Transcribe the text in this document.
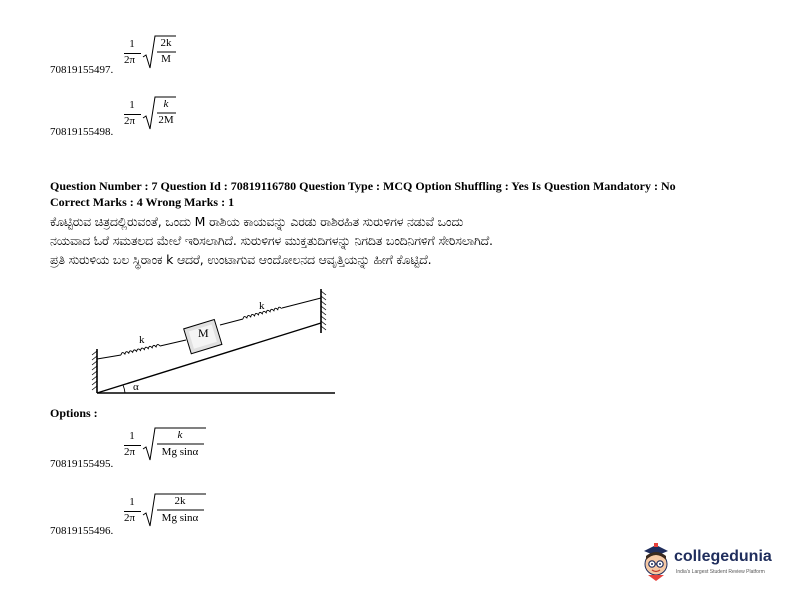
1
2π
2k
M
70819155497.
1
2π
k
2M
70819155498.
Question Number : 7 Question Id : 70819116780 Question Type : MCQ Option Shuffling : Yes Is Question Mandatory : No
Correct Marks : 4 Wrong Marks : 1
ಕೊಟ್ಟಿರುವ ಚಿತ್ರದಲ್ಲಿರುವಂತೆ, ಒಂದು M ರಾಶಿಯ ಕಾಯವನ್ನು ಎರಡು ರಾಶಿರಹಿತ ಸುರುಳಿಗಳ ನಡುವೆ ಒಂದು
ನಯವಾದ ಓರೆ ಸಮತಲದ ಮೇಲೆ ಇರಿಸಲಾಗಿದೆ. ಸುರುಳಿಗಳ ಮುಕ್ತತುದಿಗಳನ್ನು ನಿಗದಿತ ಬಂದಿನಿಗಳಿಗೆ ಸೇರಿಸಲಾಗಿದೆ.
ಪ್ರತಿ ಸುರುಳಿಯ ಬಲ ಸ್ಥಿರಾಂಕ k ಆದರೆ, ಉಂಟಾಗುವ ಆಂದೋಲನದ ಆವೃತ್ತಿಯನ್ನು ಹೀಗೆ ಕೊಟ್ಟಿದೆ.
M
k
k
α
Options :
1
2π
k
Mg sinα
70819155495.
1
2π
2k
Mg sinα
70819155496.
collegedunia
India's Largest Student Review Platform
